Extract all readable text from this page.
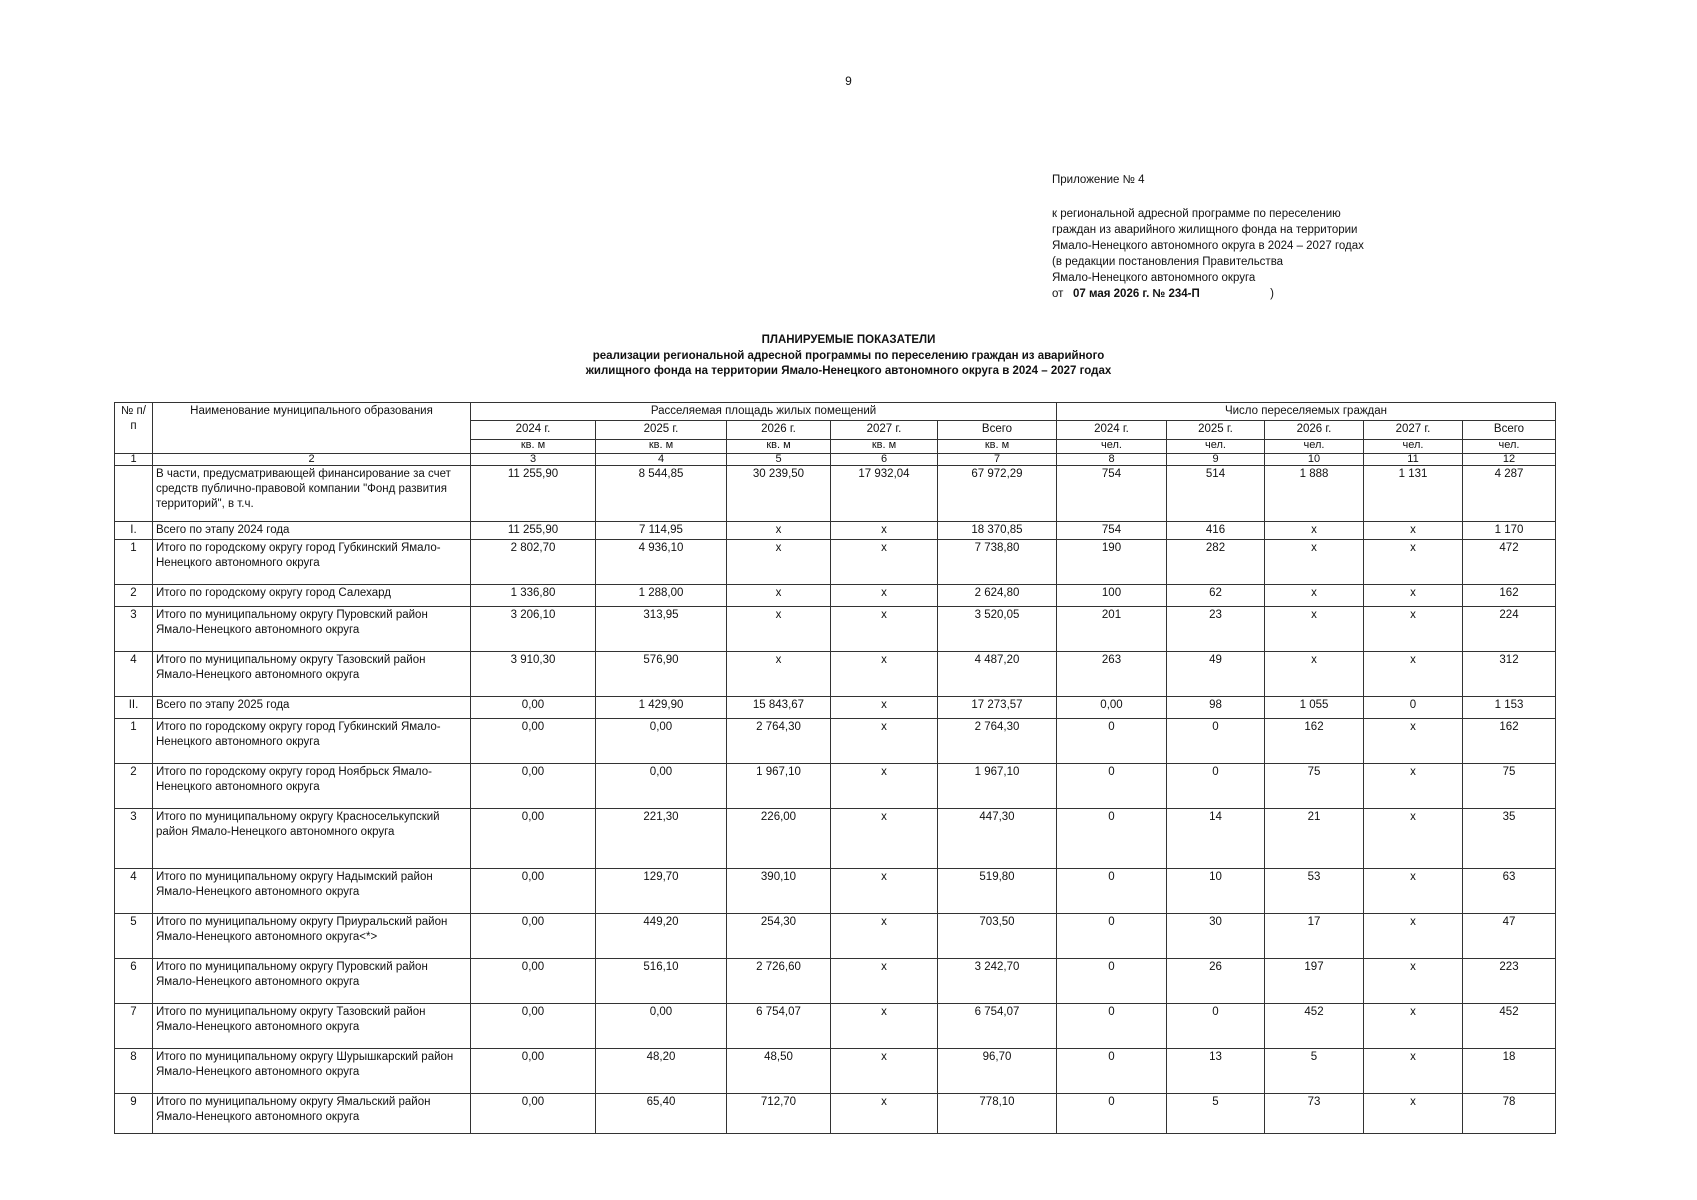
9
Приложение № 4
к региональной адресной программе по переселению
граждан из аварийного жилищного фонда на территории
Ямало-Ненецкого автономного округа в 2024 – 2027 годах
(в редакции постановления Правительства
Ямало-Ненецкого автономного округа
от 07 мая 2026 г. № 234-П	)
ПЛАНИРУЕМЫЕ ПОКАЗАТЕЛИ
реализации региональной адресной программы по переселению граждан из аварийного
жилищного фонда на территории Ямало-Ненецкого автономного округа в 2024 – 2027 годах
№ п/п	Наименование муниципального образования	Расселяемая площадь жилых помещений					Число переселяемых граждан				
		2024 г.	2025 г.	2026 г.	2027 г.	Всего	2024 г.	2025 г.	2026 г.	2027 г.	Всего
		кв. м	кв. м	кв. м	кв. м	кв. м	чел.	чел.	чел.	чел.	чел.
1	2	3	4	5	6	7	8	9	10	11	12
	В части, предусматривающей финансирование за счет средств публично-правовой компании "Фонд развития территорий", в т.ч.	11 255,90	8 544,85	30 239,50	17 932,04	67 972,29	754	514	1 888	1 131	4 287
I.	Всего по этапу 2024 года	11 255,90	7 114,95	x	x	18 370,85	754	416	x	x	1 170
1	Итого по городскому округу город Губкинский Ямало-Ненецкого автономного округа	2 802,70	4 936,10	x	x	7 738,80	190	282	x	x	472
2	Итого по городскому округу город Салехард	1 336,80	1 288,00	x	x	2 624,80	100	62	x	x	162
3	Итого по муниципальному округу Пуровский район Ямало-Ненецкого автономного округа	3 206,10	313,95	x	x	3 520,05	201	23	x	x	224
4	Итого по муниципальному округу Тазовский район Ямало-Ненецкого автономного округа	3 910,30	576,90	x	x	4 487,20	263	49	x	x	312
II.	Всего по этапу 2025 года	0,00	1 429,90	15 843,67	x	17 273,57	0,00	98	1 055	0	1 153
1	Итого по городскому округу город Губкинский Ямало-Ненецкого автономного округа	0,00	0,00	2 764,30	x	2 764,30	0	0	162	x	162
2	Итого по городскому округу город Ноябрьск Ямало-Ненецкого автономного округа	0,00	0,00	1 967,10	x	1 967,10	0	0	75	x	75
3	Итого по муниципальному округу Красноселькупский район Ямало-Ненецкого автономного округа	0,00	221,30	226,00	x	447,30	0	14	21	x	35
4	Итого по муниципальному округу Надымский район Ямало-Ненецкого автономного округа	0,00	129,70	390,10	x	519,80	0	10	53	x	63
5	Итого по муниципальному округу Приуральский район Ямало-Ненецкого автономного округа<*>	0,00	449,20	254,30	x	703,50	0	30	17	x	47
6	Итого по муниципальному округу Пуровский район Ямало-Ненецкого автономного округа	0,00	516,10	2 726,60	x	3 242,70	0	26	197	x	223
7	Итого по муниципальному округу Тазовский район Ямало-Ненецкого автономного округа	0,00	0,00	6 754,07	x	6 754,07	0	0	452	x	452
8	Итого по муниципальному округу Шурышкарский район Ямало-Ненецкого автономного округа	0,00	48,20	48,50	x	96,70	0	13	5	x	18
9	Итого по муниципальному округу Ямальский район Ямало-Ненецкого автономного округа	0,00	65,40	712,70	x	778,10	0	5	73	x	78
